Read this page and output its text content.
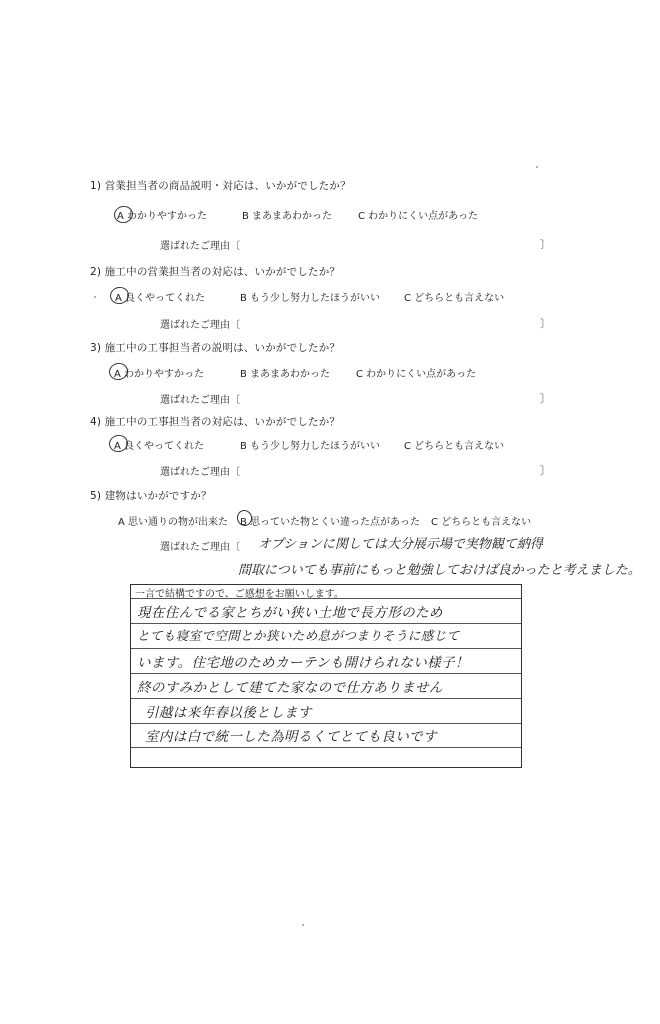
1) 営業担当者の商品説明・対応は、いかがでしたか？
A わかりやすかった	B まあまあわかった	C わかりにくい点があった
選ばれたご理由〔	〕
2) 施工中の営業担当者の対応は、いかがでしたか？
A 良くやってくれた	B もう少し努力したほうがいい C どちらとも言えない
選ばれたご理由〔	〕
3) 施工中の工事担当者の説明は、いかがでしたか？
A わかりやすかった	B まあまあわかった	C わかりにくい点があった
選ばれたご理由〔	〕
4) 施工中の工事担当者の対応は、いかがでしたか？
A 良くやってくれた	B もう少し努力したほうがいい C どちらとも言えない
選ばれたご理由〔	〕
5) 建物はいかがですか？
A 思い通りの物が出来た B 思っていた物とくい違った点があった C どちらとも言えない
選ばれたご理由〔 オプションに関しては大分展示場で実物観て納得
間取についても事前にもっと勉強しておけば良かったと考えました。
一言で結構ですので、ご感想をお願いします。
現在住んでる家とちがい狭い土地で長方形のため
とても寝室で空間とか狭いため息がつまりそうに感じて
います。住宅地のためカーテンも開けられない様子！
終のすみかとして建てた家なので仕方ありません
引越は来年春以後とします
室内は白で統一した為明るくてとても良いです
